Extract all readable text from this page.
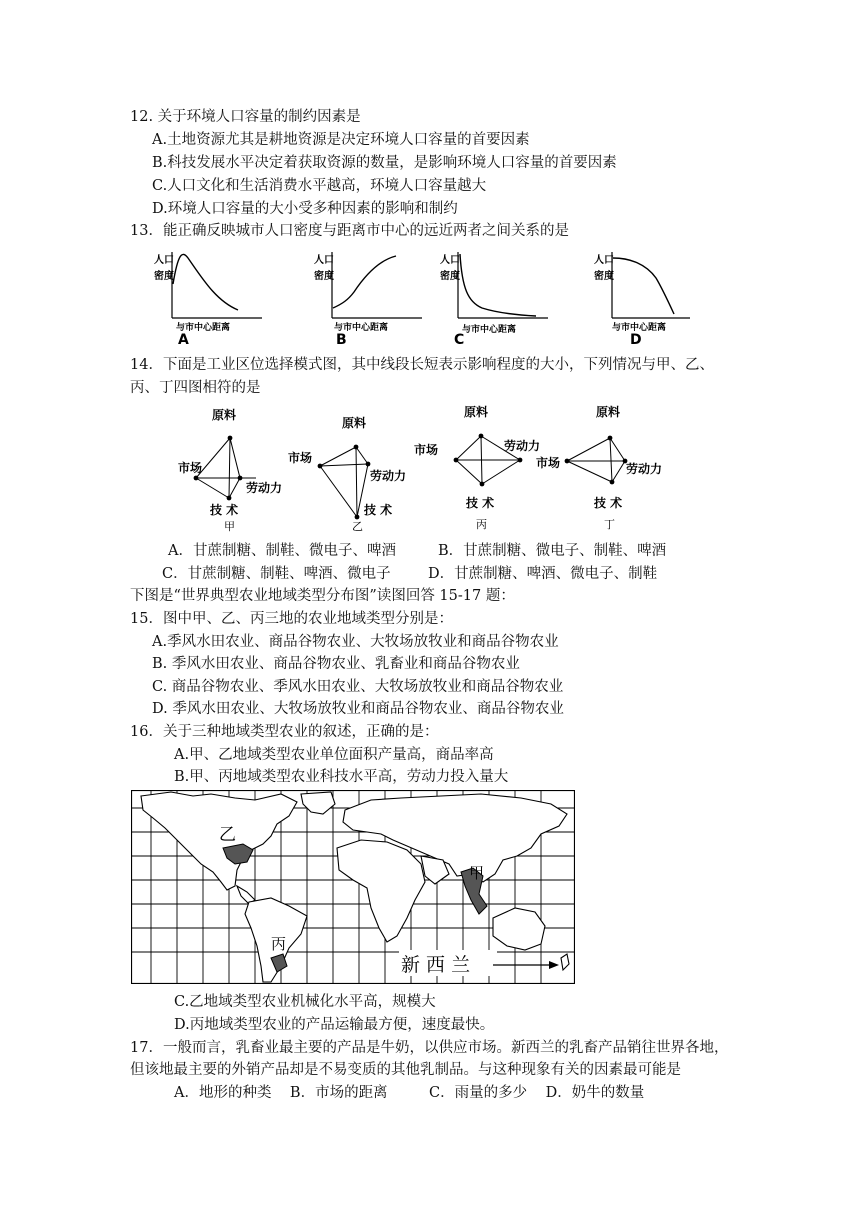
12. 关于环境人口容量的制约因素是
A.土地资源尤其是耕地资源是决定环境人口容量的首要因素
B.科技发展水平决定着获取资源的数量，是影响环境人口容量的首要因素
C.人口文化和生活消费水平越高，环境人口容量越大
D.环境人口容量的大小受多种因素的影响和制约
13．能正确反映城市人口密度与距离市中心的远近两者之间关系的是
人口
密度
与市中心距离
A
人口
密度
与市中心距离
B
人口
密度
与市中心距离
C
人口
密度
与市中心距离
D
14．下面是工业区位选择模式图，其中线段长短表示影响程度的大小，下列情况与甲、乙、
丙、丁四图相符的是
原料
市场
劳动力
技 术
甲
原料
市场
劳动力
技 术
乙
原料
市场	劳动力
技 术
丙
原料
市场	劳动力
技 术
丁
A．甘蔗制糖、制鞋、微电子、啤酒	B．甘蔗制糖、微电子、制鞋、啤酒
C．甘蔗制糖、制鞋、啤酒、微电子	D．甘蔗制糖、啤酒、微电子、制鞋
下图是“世界典型农业地域类型分布图”读图回答 15-17 题：
15．图中甲、乙、丙三地的农业地域类型分别是：
A.季风水田农业、商品谷物农业、大牧场放牧业和商品谷物农业
B. 季风水田农业、商品谷物农业、乳畜业和商品谷物农业
C. 商品谷物农业、季风水田农业、大牧场放牧业和商品谷物农业
D. 季风水田农业、大牧场放牧业和商品谷物农业、商品谷物农业
16．关于三种地域类型农业的叙述，正确的是：
A.甲、乙地域类型农业单位面积产量高，商品率高
B.甲、丙地域类型农业科技水平高，劳动力投入量大
乙
甲
丙
新 西 兰
C.乙地域类型农业机械化水平高，规模大
D.丙地域类型农业的产品运输最方便，速度最快。
17．一般而言，乳畜业最主要的产品是牛奶，以供应市场。新西兰的乳畜产品销往世界各地，
但该地最主要的外销产品却是不易变质的其他乳制品。与这种现象有关的因素最可能是
A．地形的种类    B．市场的距离         C．雨量的多少    D．奶牛的数量
